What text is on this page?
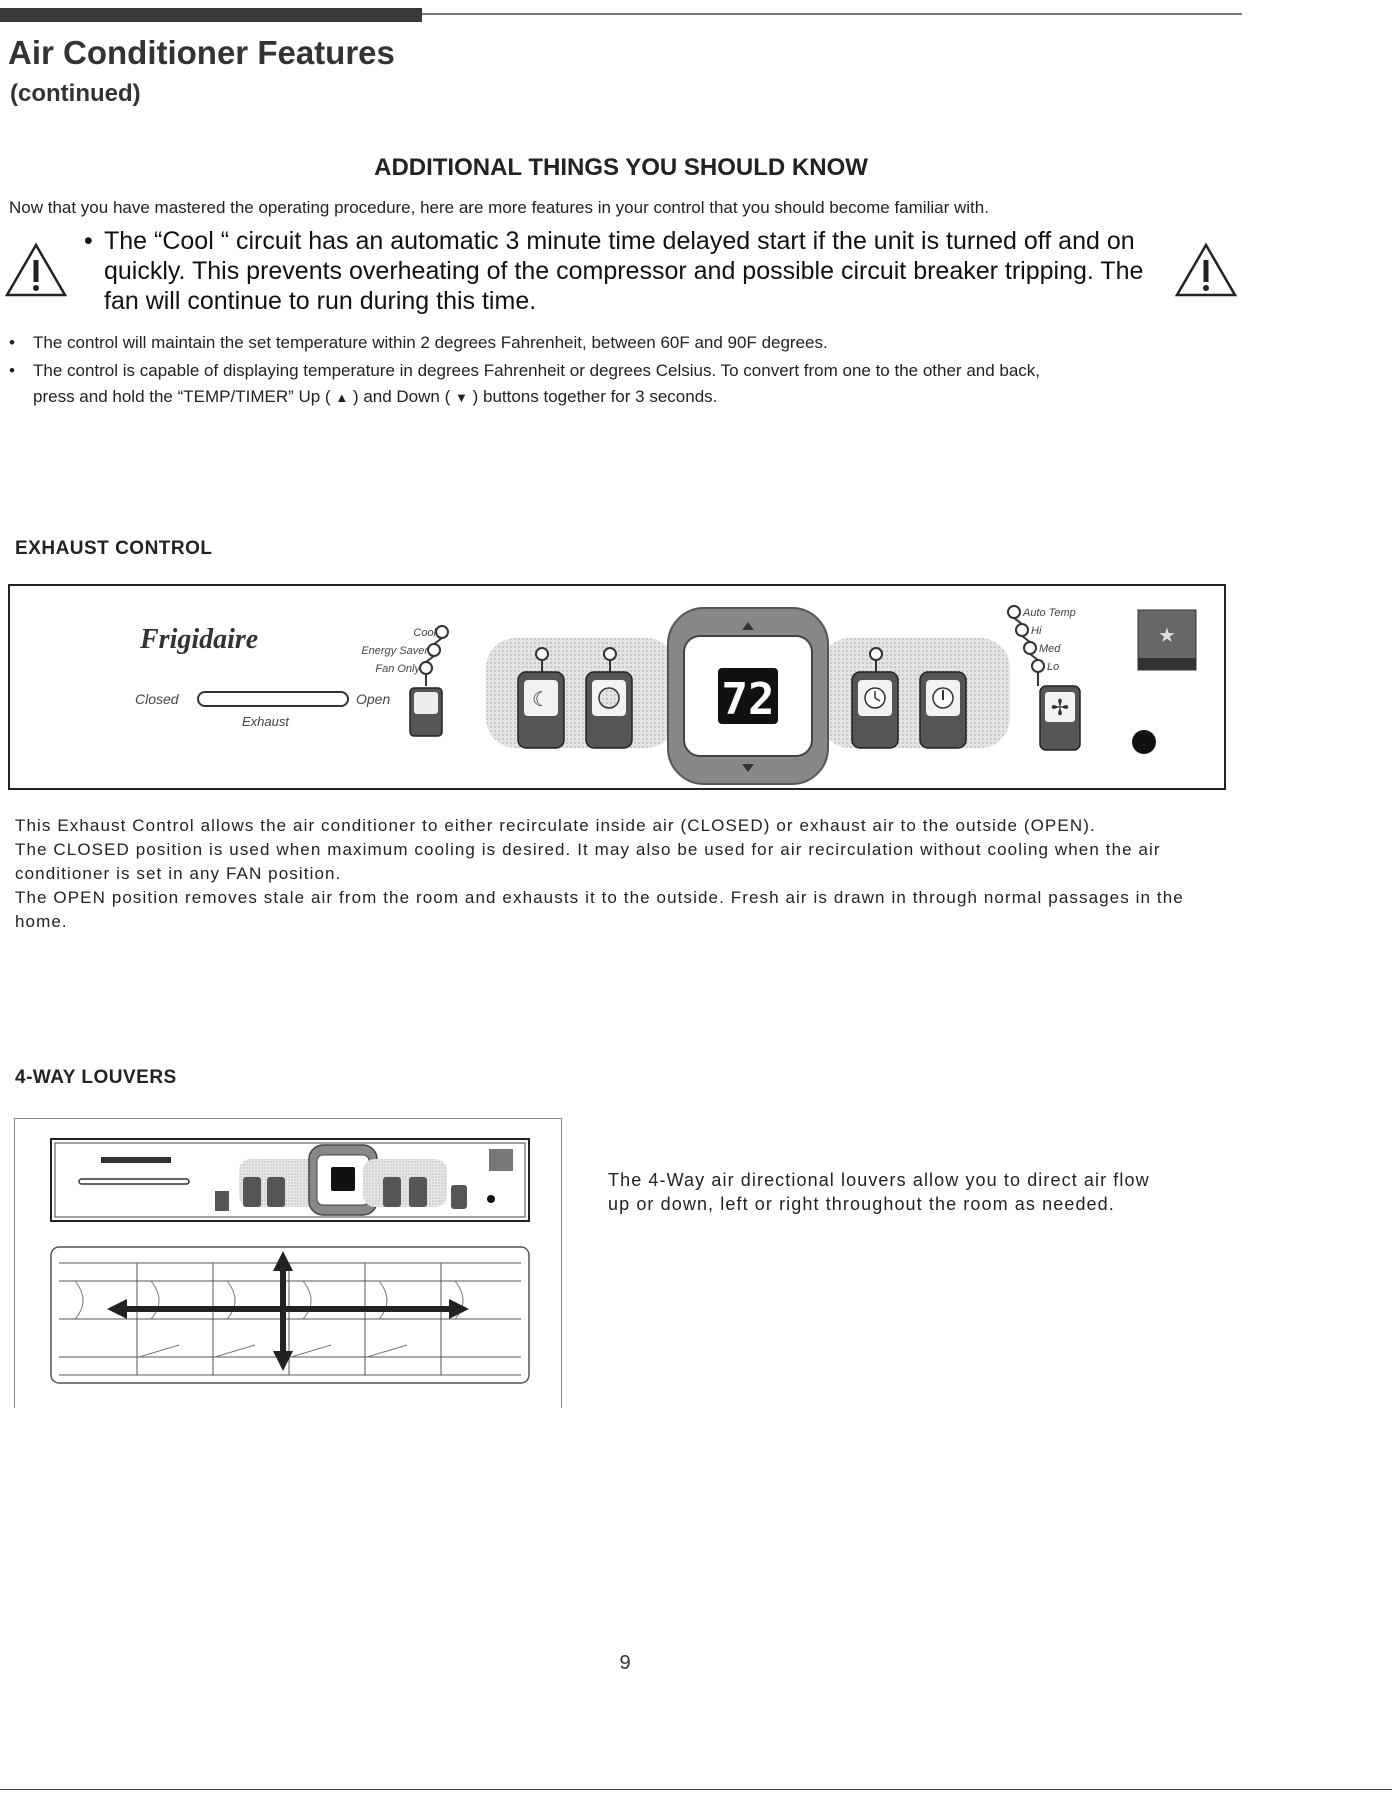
Air Conditioner Features
(continued)
ADDITIONAL THINGS YOU SHOULD KNOW
Now that you have mastered the operating procedure, here are more features in your control that you should become familiar with.
• The “Cool “ circuit has an automatic 3 minute time delayed start if the unit is turned off and on quickly. This prevents overheating of the compressor and possible circuit breaker tripping. The fan will continue to run during this time.
• The control will maintain the set temperature within 2 degrees Fahrenheit, between 60F and 90F degrees.
• The control is capable of displaying temperature in degrees Fahrenheit or degrees Celsius. To convert from one to the other and back,
press and hold the “TEMP/TIMER” Up ( ▲ ) and Down ( ▼ ) buttons together for 3 seconds.
EXHAUST CONTROL
Frigidaire
Closed	Open
Exhaust
Cool
Energy Saver
Fan Only
☾	72
Auto Temp
Hi
Med
Lo
✢
★

This Exhaust Control allows the air conditioner to either recirculate inside air (CLOSED) or exhaust air to the outside (OPEN).

The CLOSED position is used when maximum cooling is desired. It may also be used for air recirculation without cooling when the air conditioner is set in any FAN position.

The OPEN position removes stale air from the room and exhausts it to the outside. Fresh air is drawn in through normal passages in the home.

4-WAY LOUVERS
The 4-Way air directional louvers allow you to direct air flow up or down, left or right throughout the room as needed.
9
